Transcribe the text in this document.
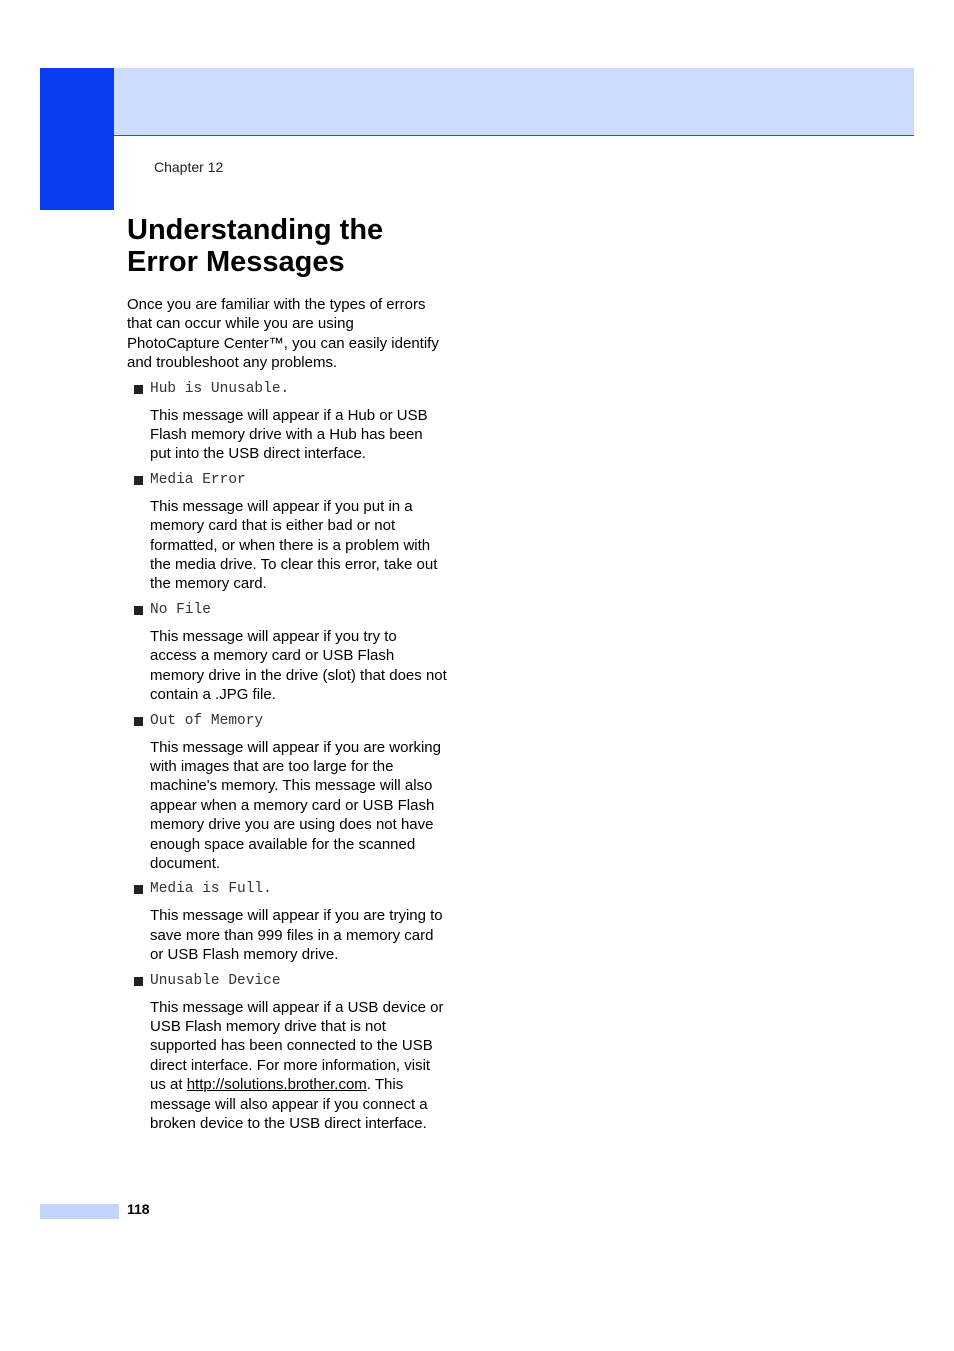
Chapter 12
Understanding the
Error Messages

Once you are familiar with the types of errors that can occur while you are using PhotoCapture Center™, you can easily identify and troubleshoot any problems.

Hub is Unusable.
This message will appear if a Hub or USB Flash memory drive with a Hub has been put into the USB direct interface.
Media Error
This message will appear if you put in a memory card that is either bad or not formatted, or when there is a problem with the media drive. To clear this error, take out the memory card.
No File
This message will appear if you try to access a memory card or USB Flash memory drive in the drive (slot) that does not contain a .JPG file.
Out of Memory
This message will appear if you are working with images that are too large for the machine's memory. This message will also appear when a memory card or USB Flash memory drive you are using does not have enough space available for the scanned document.
Media is Full.
This message will appear if you are trying to save more than 999 files in a memory card or USB Flash memory drive.
Unusable Device
This message will appear if a USB device or USB Flash memory drive that is not supported has been connected to the USB direct interface. For more information, visit us at http://solutions.brother.com. This message will also appear if you connect a broken device to the USB direct interface.
118
